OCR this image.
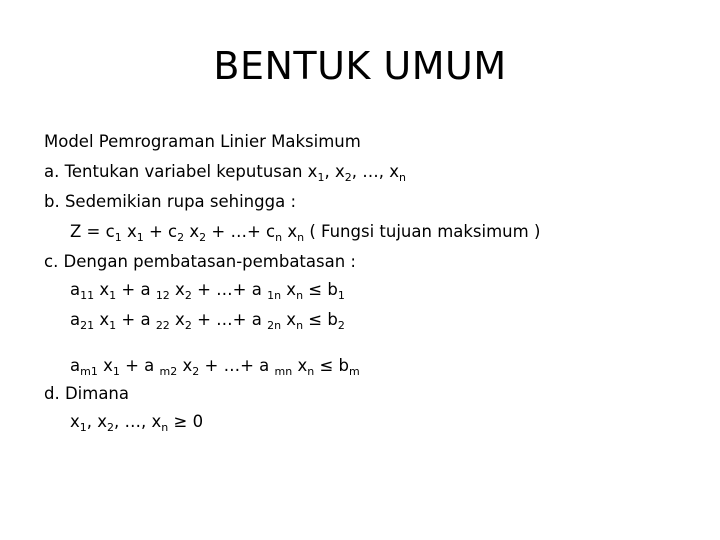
BENTUK UMUM
Model Pemrograman Linier Maksimum
a. Tentukan variabel keputusan $x_1$, $x_2$, …, $x_n$
b. Sedemikian rupa sehingga :
$Z = c_1$ $x_1 + c_2$ $x_2$ + …+ $c_n$ $x_n$ ( Fungsi tujuan maksimum )
c. Dengan pembatasan-pembatasan :
$a_{11}$ $x_1 + a$ $_{12}$ $x_2$ + …+ a $_{1n}$ $x_n \le b_1$
$a_{21}$ $x_1 + a$ $_{22}$ $x_2$ + …+ a $_{2n}$ $x_n \le b_2$
$a_{m1}$ $x_1 + a$ $_{m2}$ $x_2$ + …+ a $_{mn}$ $x_n \le b_m$
d. Dimana
$x_1$, $x_2$, …, $x_n \ge 0$
